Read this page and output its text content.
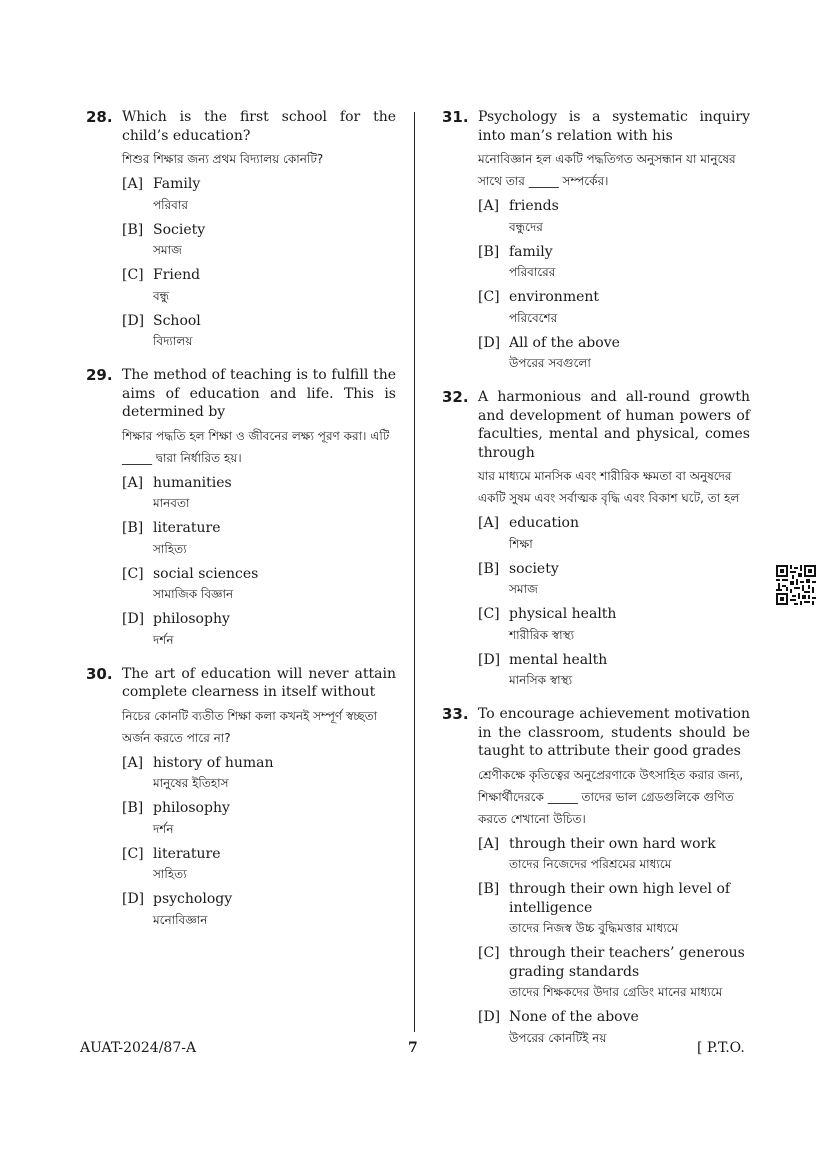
28. Which is the first school for the child’s education?
শিশুর শিক্ষার জন্য প্রথম বিদ্যালয় কোনটি?
[A] Family
পরিবার
[B] Society
সমাজ
[C] Friend
বন্ধু
[D] School
বিদ্যালয়
29. The method of teaching is to fulfill the aims of education and life. This is determined by
শিক্ষার পদ্ধতি হল শিক্ষা ও জীবনের লক্ষ্য পূরণ করা। এটি _____ দ্বারা নির্ধারিত হয়।
[A] humanities
মানবতা
[B] literature
সাহিত্য
[C] social sciences
সামাজিক বিজ্ঞান
[D] philosophy
দর্শন
30. The art of education will never attain complete clearness in itself without
নিচের কোনটি ব্যতীত শিক্ষা কলা কখনই সম্পূর্ণ স্বচ্ছতা অর্জন করতে পারে না?
[A] history of human
মানুষের ইতিহাস
[B] philosophy
দর্শন
[C] literature
সাহিত্য
[D] psychology
মনোবিজ্ঞান
31. Psychology is a systematic inquiry into man’s relation with his
মনোবিজ্ঞান হল একটি পদ্ধতিগত অনুসন্ধান যা মানুষের সাথে তার _____ সম্পর্কের।
[A] friends
বন্ধুদের
[B] family
পরিবারের
[C] environment
পরিবেশের
[D] All of the above
উপরের সবগুলো
32. A harmonious and all-round growth and development of human powers of faculties, mental and physical, comes through
যার মাধ্যমে মানসিক এবং শারীরিক ক্ষমতা বা অনুষদের একটি সুষম এবং সর্বাত্মক বৃদ্ধি এবং বিকাশ ঘটে, তা হল
[A] education
শিক্ষা
[B] society
সমাজ
[C] physical health
শারীরিক স্বাস্থ্য
[D] mental health
মানসিক স্বাস্থ্য
33. To encourage achievement motivation in the classroom, students should be taught to attribute their good grades
শ্রেণীকক্ষে কৃতিত্বের অনুপ্রেরণাকে উৎসাহিত করার জন্য, শিক্ষার্থীদেরকে _____ তাদের ভাল গ্রেডগুলিকে গুণিত করতে শেখানো উচিত।
[A] through their own hard work
তাদের নিজেদের পরিশ্রমের মাধ্যমে
[B] through their own high level of intelligence
তাদের নিজস্ব উচ্চ বুদ্ধিমত্তার মাধ্যমে
[C] through their teachers’ generous grading standards
তাদের শিক্ষকদের উদার গ্রেডিং মানের মাধ্যমে
[D] None of the above
উপরের কোনটিই নয়
AUAT-2024/87-A	7	[ P.T.O.
